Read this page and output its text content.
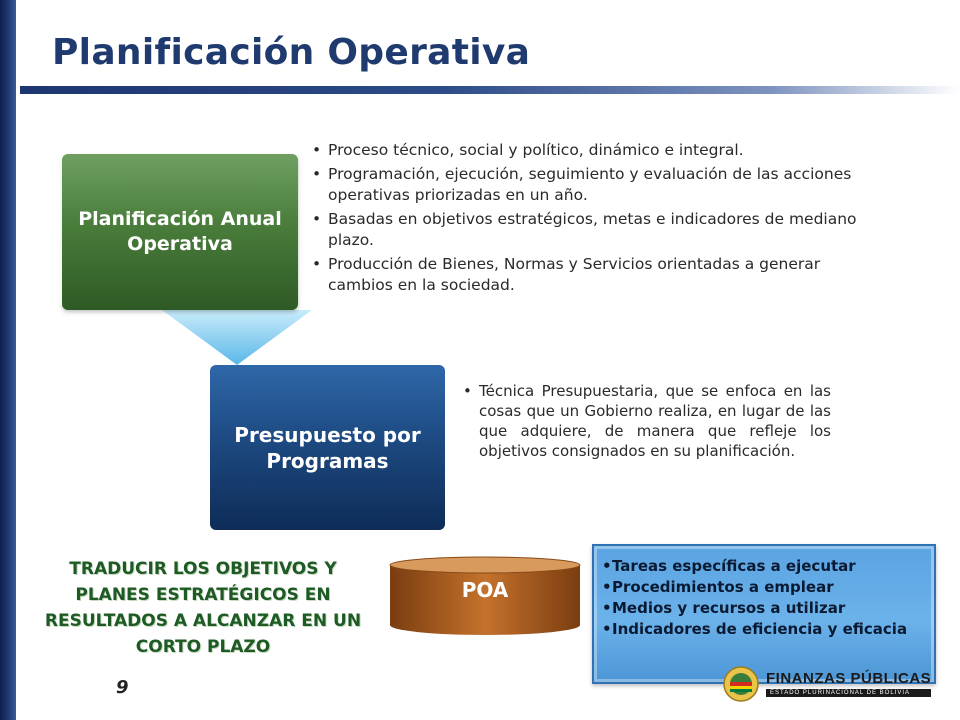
Planificación Operativa
Planificación Anual Operativa
• Proceso técnico, social y político, dinámico e integral.
• Programación, ejecución, seguimiento y evaluación de las acciones operativas priorizadas en un año.
• Basadas en objetivos estratégicos, metas e indicadores de mediano plazo.
• Producción de Bienes, Normas y Servicios orientadas a generar cambios en la sociedad.
Presupuesto por Programas
• Técnica Presupuestaria, que se enfoca en las cosas que un Gobierno realiza, en lugar de las que adquiere, de manera que refleje los objetivos consignados en su planificación.

TRADUCIR LOS OBJETIVOS Y PLANES ESTRATÉGICOS EN RESULTADOS A ALCANZAR EN UN CORTO PLAZO

POA
• Tareas específicas a ejecutar
• Procedimientos a emplear
• Medios y recursos a utilizar
• Indicadores de eficiencia y eficacia
9	FINANZAS PÚBLICAS
ESTADO PLURINACIONAL DE BOLIVIA
